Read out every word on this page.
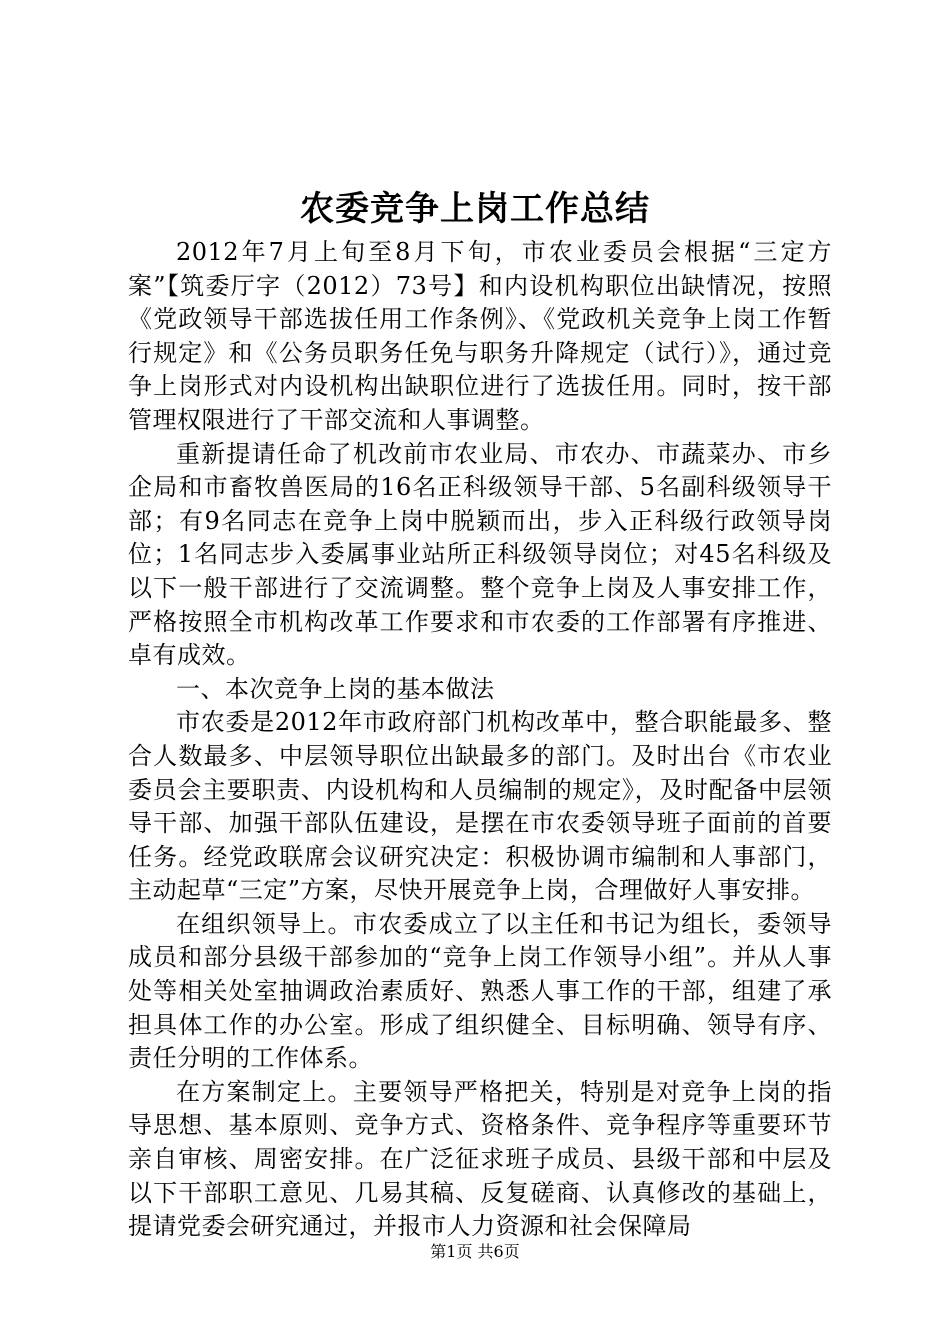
农委竞争上岗工作总结

2012年7月上旬至8月下旬，市农业委员会根据“三定方案”【筑委厅字（2012）73号】和内设机构职位出缺情况，按照《党政领导干部选拔任用工作条例》、《党政机关竞争上岗工作暂行规定》和《公务员职务任免与职务升降规定（试行）》，通过竞争上岗形式对内设机构出缺职位进行了选拔任用。同时，按干部管理权限进行了干部交流和人事调整。

重新提请任命了机改前市农业局、市农办、市蔬菜办、市乡企局和市畜牧兽医局的16名正科级领导干部、5名副科级领导干部；有9名同志在竞争上岗中脱颖而出，步入正科级行政领导岗位；1名同志步入委属事业站所正科级领导岗位；对45名科级及以下一般干部进行了交流调整。整个竞争上岗及人事安排工作，严格按照全市机构改革工作要求和市农委的工作部署有序推进、卓有成效。

一、本次竞争上岗的基本做法

市农委是2012年市政府部门机构改革中，整合职能最多、整合人数最多、中层领导职位出缺最多的部门。及时出台《市农业委员会主要职责、内设机构和人员编制的规定》，及时配备中层领导干部、加强干部队伍建设，是摆在市农委领导班子面前的首要任务。经党政联席会议研究决定：积极协调市编制和人事部门，主动起草“三定”方案，尽快开展竞争上岗，合理做好人事安排。

在组织领导上。市农委成立了以主任和书记为组长，委领导成员和部分县级干部参加的“竞争上岗工作领导小组”。并从人事处等相关处室抽调政治素质好、熟悉人事工作的干部，组建了承担具体工作的办公室。形成了组织健全、目标明确、领导有序、责任分明的工作体系。

在方案制定上。主要领导严格把关，特别是对竞争上岗的指导思想、基本原则、竞争方式、资格条件、竞争程序等重要环节亲自审核、周密安排。在广泛征求班子成员、县级干部和中层及以下干部职工意见、几易其稿、反复磋商、认真修改的基础上，提请党委会研究通过，并报市人力资源和社会保障局

第1页 共6页
